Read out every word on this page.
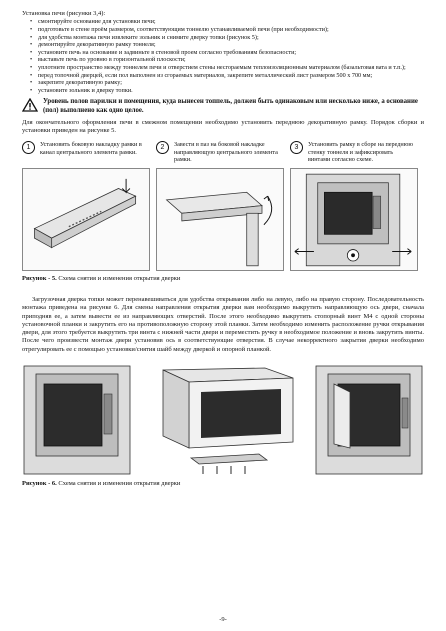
Установка печи (рисунки 3,4):

• смонтируйте основание для установки печи;
• подготовьте в стене проём размером, соответствующим тоннелю устанавливаемой печи (при необходимости);
• для удобства монтажа печи извлеките зольник и снимите дверку топки (рисунок 5);
• демонтируйте декоративную рамку тоннеля;
• установите печь на основание и задвиньте в стеновой проем согласно требованиям безопасности;
• выставьте печь по уровню в горизонтальной плоскости;
• уплотните пространство между тоннелем печи и отверстием стены несгораемым теплоизоляционным материалом (базальтовая вата и т.п.);
• перед топочной дверцей, если пол выполнен из сгораемых материалов, закрепите металлический лист размером 500 х 700 мм;
• закрепите декоративную рамку;
• установите зольник и дверку топки.
Уровень полов парилки и помещения, куда вынесен топпель, должен быть одинаковым или несколько ниже, а основание (пол) выполнено как одно целое.

Для окончательного оформления печи в смежном помещении необходимо установить переднюю декоративную рамку. Порядок сборки и установки приведен на рисунке 5.

1	Установить боковую накладку рамки в канал центрального элемента рамки.
2	Завести в паз на боковой накладке направляющую центрального элемента рамки.
3	Установить рамку в сборе на переднюю стенку тоннеля и зафиксировать винтами согласно схеме.

Рисунок - 5. Схема снятия и изменения открытия дверки

Загрузочная дверка топки может перенавешиваться для удобства открывания либо на левую, либо на правую сторону. Последовательность монтажа приведена на рисунке 6. Для смены направления открытия дверки вам необходимо выкрутить направляющую ось двери, сначала приподняв ее, а затем вывести ее из направляющих отверстий. После этого необходимо выкрутить стопорный винт М4 с одной стороны установочной планки и закрутить его на противоположную сторону этой планки. Затем необходимо изменить расположение ручки открывания двери, для этого требуется выкрутить три винта с нижней части двери и переместить ручку в необходимое положение и вновь закрутить винты. После чего произвести монтаж двери установив ось в соответствующие отверстия. В случае некорректного закрытия дверки необходимо отрегулировать ее с помощью установки/снятия шайб между дверкой и опорной планкой.

Рисунок - 6. Схема снятия и изменения открытия дверки

-9-
